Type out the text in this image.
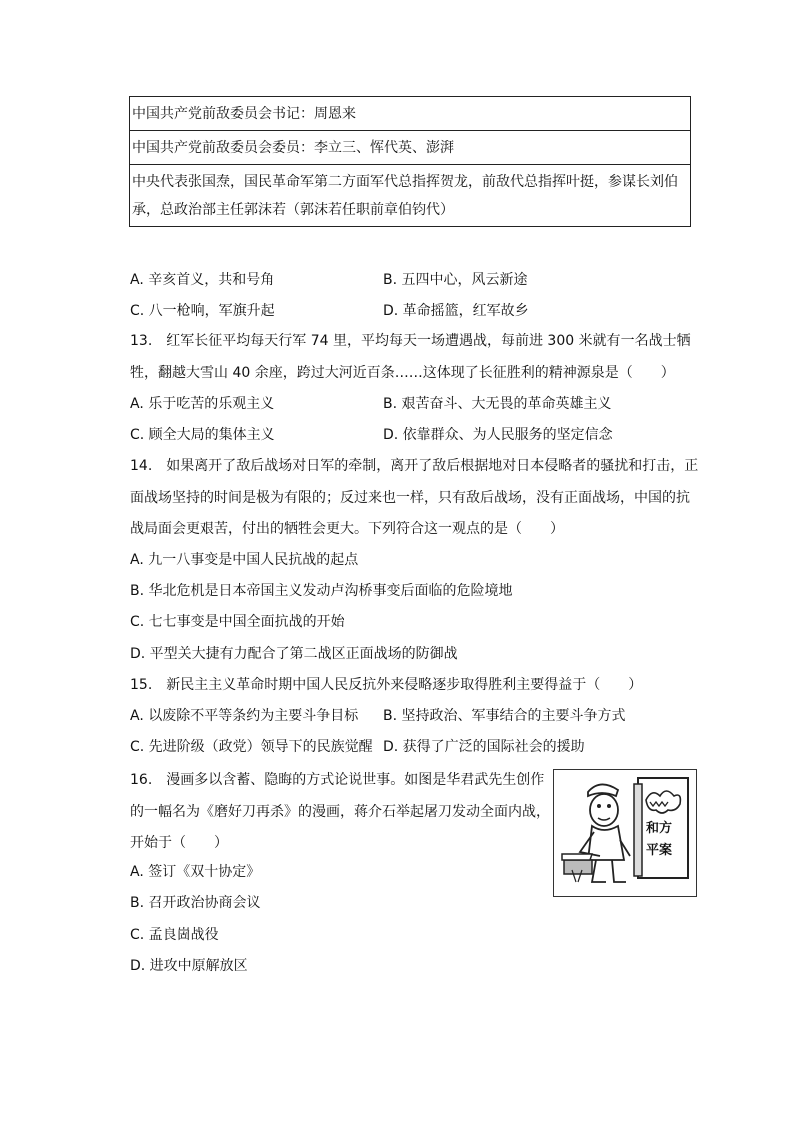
中国共产党前敌委员会书记：周恩来
中国共产党前敌委员会委员：李立三、恽代英、澎湃
中央代表张国焘，国民革命军第二方面军代总指挥贺龙，前敌代总指挥叶挺，参谋长刘伯承，总政治部主任郭沫若（郭沫若任职前章伯钧代）
A. 辛亥首义，共和号角	B. 五四中心，风云新途
C. 八一枪响，军旗升起	D. 革命摇篮，红军故乡
13.　红军长征平均每天行军 74 里，平均每天一场遭遇战，每前进 300 米就有一名战士牺牲，翻越大雪山 40 余座，跨过大河近百条……这体现了长征胜利的精神源泉是（　　）
A. 乐于吃苦的乐观主义	B. 艰苦奋斗、大无畏的革命英雄主义
C. 顾全大局的集体主义	D. 依靠群众、为人民服务的坚定信念
14.　如果离开了敌后战场对日军的牵制，离开了敌后根据地对日本侵略者的骚扰和打击，正面战场坚持的时间是极为有限的；反过来也一样，只有敌后战场，没有正面战场，中国的抗战局面会更艰苦，付出的牺牲会更大。下列符合这一观点的是（　　）
A. 九一八事变是中国人民抗战的起点
B. 华北危机是日本帝国主义发动卢沟桥事变后面临的危险境地
C. 七七事变是中国全面抗战的开始
D. 平型关大捷有力配合了第二战区正面战场的防御战
15.　新民主主义革命时期中国人民反抗外来侵略逐步取得胜利主要得益于（　　）
A. 以废除不平等条约为主要斗争目标 B. 坚持政治、军事结合的主要斗争方式
C. 先进阶级（政党）领导下的民族觉醒 D. 获得了广泛的国际社会的援助
16.　漫画多以含蓄、隐晦的方式论说世事。如图是华君武先生创作的一幅名为《磨好刀再杀》的漫画，蒋介石举起屠刀发动全面内战，开始于（　　）
A. 签订《双十协定》
B. 召开政治协商会议
C. 孟良崮战役
D. 进攻中原解放区
和方
平案
